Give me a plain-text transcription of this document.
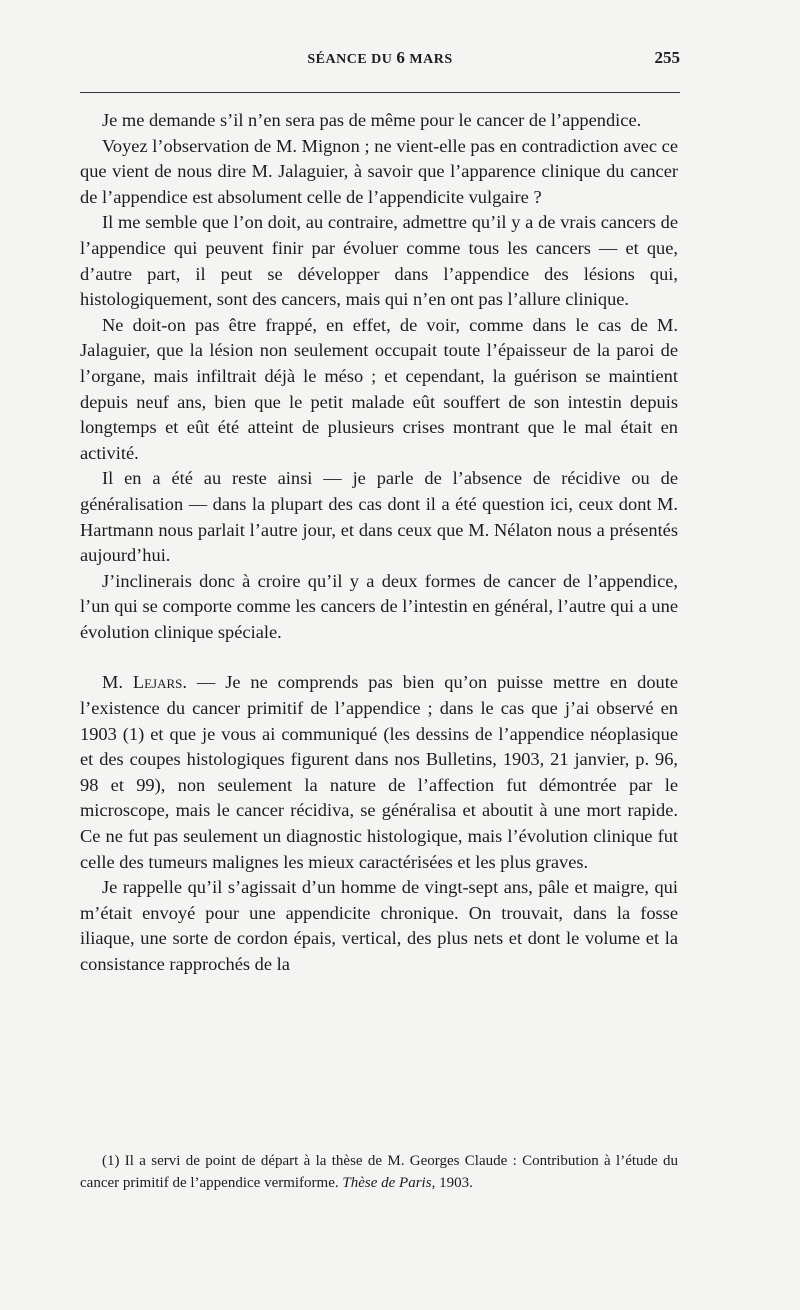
SÉANCE DU 6 MARS	255

Je me demande s’il n’en sera pas de même pour le cancer de l’appendice.

Voyez l’observation de M. Mignon ; ne vient-elle pas en contradiction avec ce que vient de nous dire M. Jalaguier, à savoir que l’apparence clinique du cancer de l’appendice est absolument celle de l’appendicite vulgaire ?

Il me semble que l’on doit, au contraire, admettre qu’il y a de vrais cancers de l’appendice qui peuvent finir par évoluer comme tous les cancers — et que, d’autre part, il peut se développer dans l’appendice des lésions qui, histologiquement, sont des cancers, mais qui n’en ont pas l’allure clinique.

Ne doit-on pas être frappé, en effet, de voir, comme dans le cas de M. Jalaguier, que la lésion non seulement occupait toute l’épaisseur de la paroi de l’organe, mais infiltrait déjà le méso ; et cependant, la guérison se maintient depuis neuf ans, bien que le petit malade eût souffert de son intestin depuis longtemps et eût été atteint de plusieurs crises montrant que le mal était en activité.

Il en a été au reste ainsi — je parle de l’absence de récidive ou de généralisation — dans la plupart des cas dont il a été question ici, ceux dont M. Hartmann nous parlait l’autre jour, et dans ceux que M. Nélaton nous a présentés aujourd’hui.

J’inclinerais donc à croire qu’il y a deux formes de cancer de l’appendice, l’un qui se comporte comme les cancers de l’intestin en général, l’autre qui a une évolution clinique spéciale.

M. Lejars. — Je ne comprends pas bien qu’on puisse mettre en doute l’existence du cancer primitif de l’appendice ; dans le cas que j’ai observé en 1903 (1) et que je vous ai communiqué (les dessins de l’appendice néoplasique et des coupes histologiques figurent dans nos Bulletins, 1903, 21 janvier, p. 96, 98 et 99), non seulement la nature de l’affection fut démontrée par le microscope, mais le cancer récidiva, se généralisa et aboutit à une mort rapide. Ce ne fut pas seulement un diagnostic histologique, mais l’évolution clinique fut celle des tumeurs malignes les mieux caractérisées et les plus graves.

Je rappelle qu’il s’agissait d’un homme de vingt-sept ans, pâle et maigre, qui m’était envoyé pour une appendicite chronique. On trouvait, dans la fosse iliaque, une sorte de cordon épais, vertical, des plus nets et dont le volume et la consistance rapprochés de la

(1) Il a servi de point de départ à la thèse de M. Georges Claude : Contribution à l’étude du cancer primitif de l’appendice vermiforme. Thèse de Paris, 1903.
